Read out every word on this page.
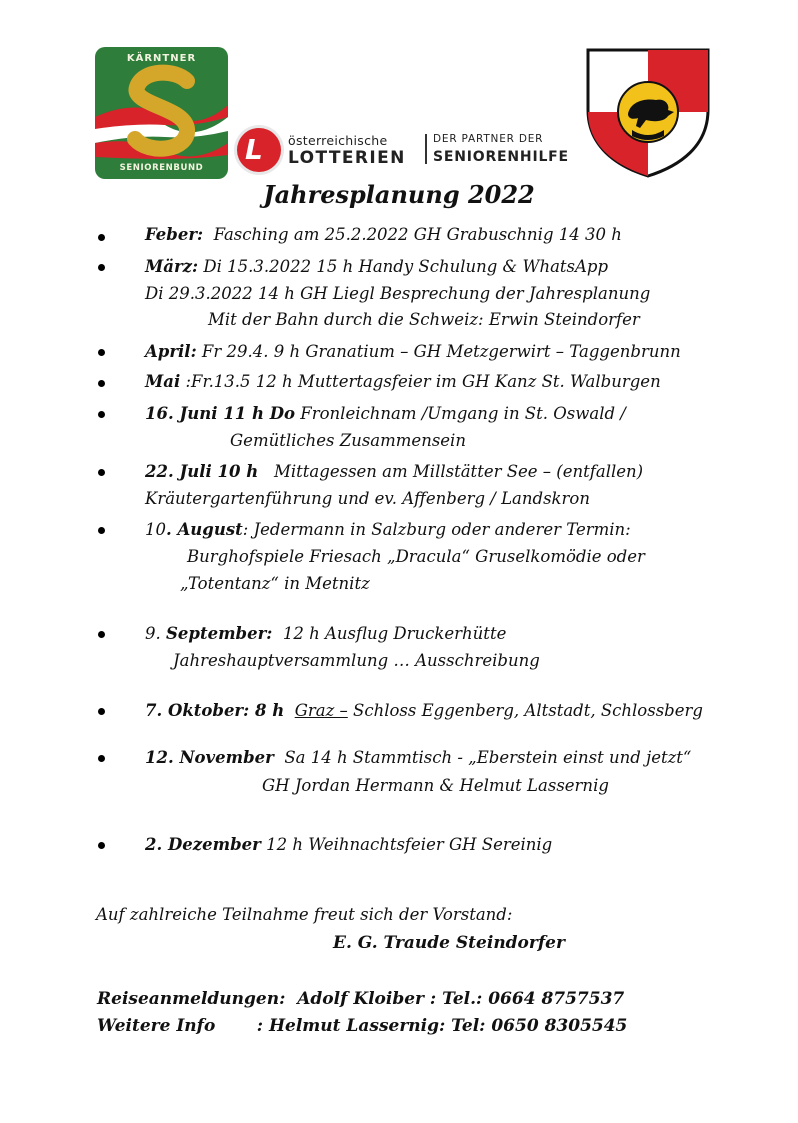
KÄRNTNER
SENIORENBUND
L österreichische
LOTTERIEN
DER PARTNER DER
SENIORENHILFE
Jahresplanung 2022
Feber: Fasching am 25.2.2022 GH Grabuschnig 14 30 h
März: Di 15.3.2022 15 h Handy Schulung & WhatsApp
Di 29.3.2022 14 h GH Liegl Besprechung der Jahresplanung
Mit der Bahn durch die Schweiz: Erwin Steindorfer
April: Fr 29.4. 9 h Granatium – GH Metzgerwirt – Taggenbrunn
Mai :Fr.13.5 12 h Muttertagsfeier im GH Kanz St. Walburgen
16. Juni 11 h Do Fronleichnam /Umgang in St. Oswald /
Gemütliches Zusammensein
22. Juli 10 h Mittagessen am Millstätter See – (entfallen)
Kräutergartenführung und ev. Affenberg / Landskron
10. August: Jedermann in Salzburg oder anderer Termin:
Burghofspiele Friesach „Dracula“ Gruselkomödie oder
„Totentanz“ in Metnitz
9. September: 12 h Ausflug Druckerhütte
Jahreshauptversammlung … Ausschreibung
7. Oktober: 8 h Graz – Schloss Eggenberg, Altstadt, Schlossberg
12. November Sa 14 h Stammtisch - „Eberstein einst und jetzt“
GH Jordan Hermann & Helmut Lassernig
2. Dezember 12 h Weihnachtsfeier GH Sereinig
Auf zahlreiche Teilnahme freut sich der Vorstand:
E. G. Traude Steindorfer
Reiseanmeldungen: Adolf Kloiber : Tel.: 0664 8757537
Weitere Info : Helmut Lassernig: Tel: 0650 8305545
